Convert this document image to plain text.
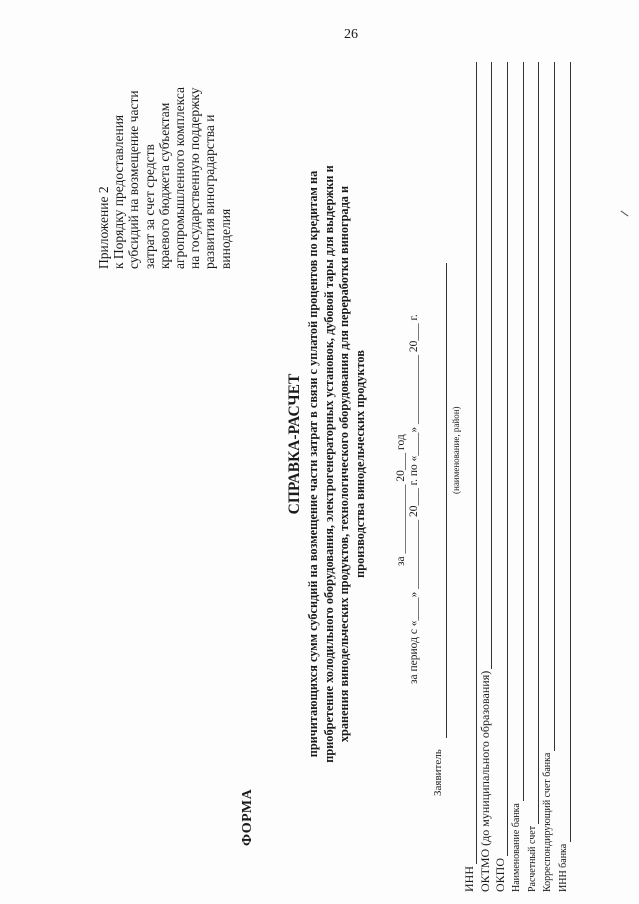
26
Приложение 2 к Порядку предоставления субсидий на возмещение части затрат за счет средств краевого бюджета субъектам агропромышленного комплекса на государственную поддержку развития виноградарства и виноделия
ФОРМА
СПРАВКА-РАСЧЕТ причитающихся сумм субсидий на возмещение части затрат в связи с уплатой процентов по кредитам на приобретение холодильного оборудования, электрогенераторных установок, дубовой тары для выдержки и хранения винодельческих продуктов, технологического оборудования для переработки винограда и производства винодельческих продуктов за ____________ 20___ год за период с «____» ____________ 20___ г. по «____» ____________ 20___ г.
Заявитель
(наименование, район)
ИНН ОКТМО (до муниципального образования) ОКПО Наименование банка Расчетный счет Корреспондирующий счет банка ИНН банка
